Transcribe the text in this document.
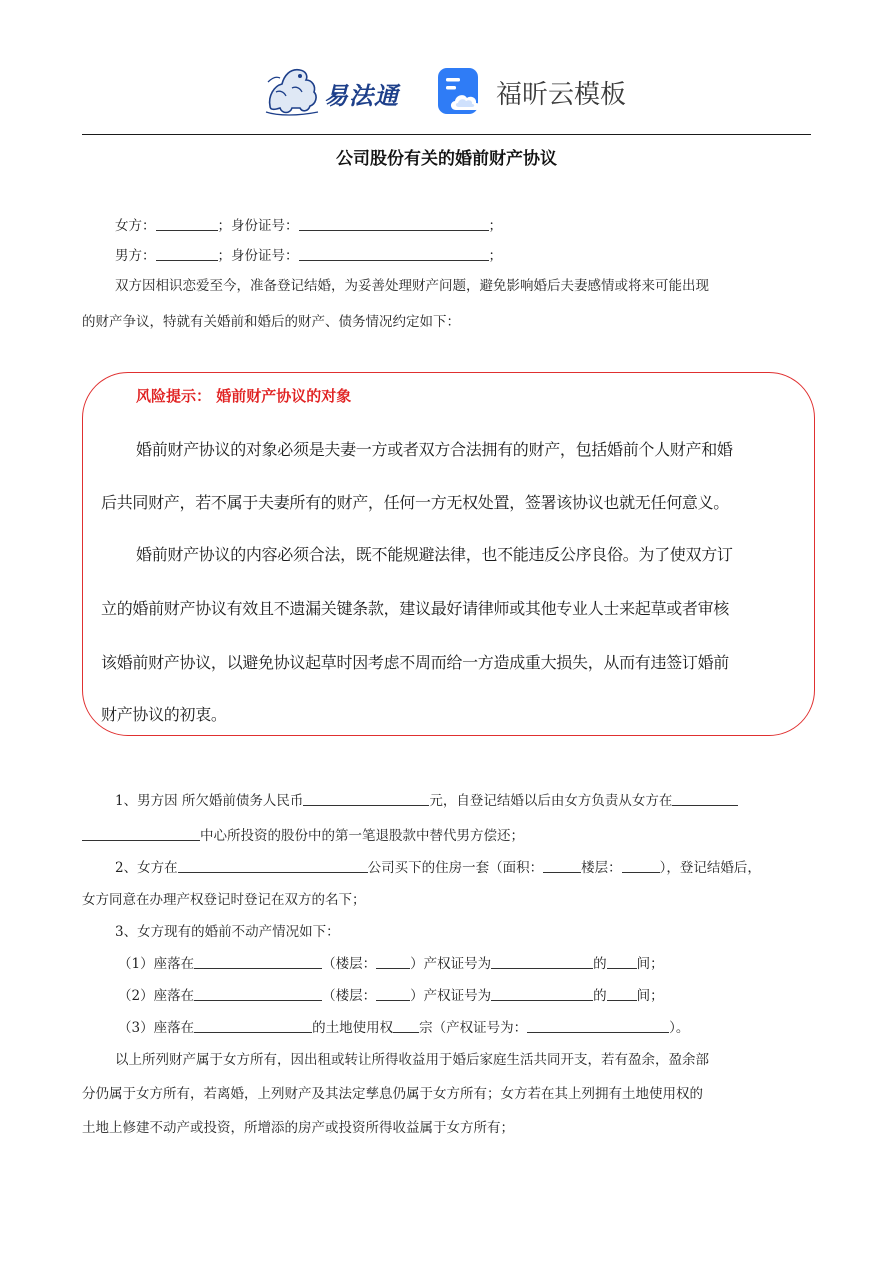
易法通	福昕云模板
公司股份有关的婚前财产协议
女方：	；身份证号：	；
男方：	；身份证号：	；
双方因相识恋爱至今，准备登记结婚，为妥善处理财产问题，避免影响婚后夫妻感情或将来可能出现
的财产争议，特就有关婚前和婚后的财产、债务情况约定如下：
风险提示： 婚前财产协议的对象
婚前财产协议的对象必须是夫妻一方或者双方合法拥有的财产，包括婚前个人财产和婚
后共同财产，若不属于夫妻所有的财产，任何一方无权处置，签署该协议也就无任何意义。
婚前财产协议的内容必须合法，既不能规避法律，也不能违反公序良俗。为了使双方订
立的婚前财产协议有效且不遗漏关键条款，建议最好请律师或其他专业人士来起草或者审核
该婚前财产协议，以避免协议起草时因考虑不周而给一方造成重大损失，从而有违签订婚前
财产协议的初衷。
1、男方因 所欠婚前债务人民币	元，自登记结婚以后由女方负责从女方在
中心所投资的股份中的第一笔退股款中替代男方偿还；
2、女方在	公司买下的住房一套（面积：	楼层：	），登记结婚后，
女方同意在办理产权登记时登记在双方的名下；
3、女方现有的婚前不动产情况如下：
（1）座落在	（楼层：	）产权证号为	的 间；
（2）座落在	（楼层：	）产权证号为	的 间；
（3）座落在	的土地使用权 宗（产权证号为：	）。
以上所列财产属于女方所有，因出租或转让所得收益用于婚后家庭生活共同开支，若有盈余，盈余部
分仍属于女方所有，若离婚，上列财产及其法定孳息仍属于女方所有；女方若在其上列拥有土地使用权的
土地上修建不动产或投资，所增添的房产或投资所得收益属于女方所有；
